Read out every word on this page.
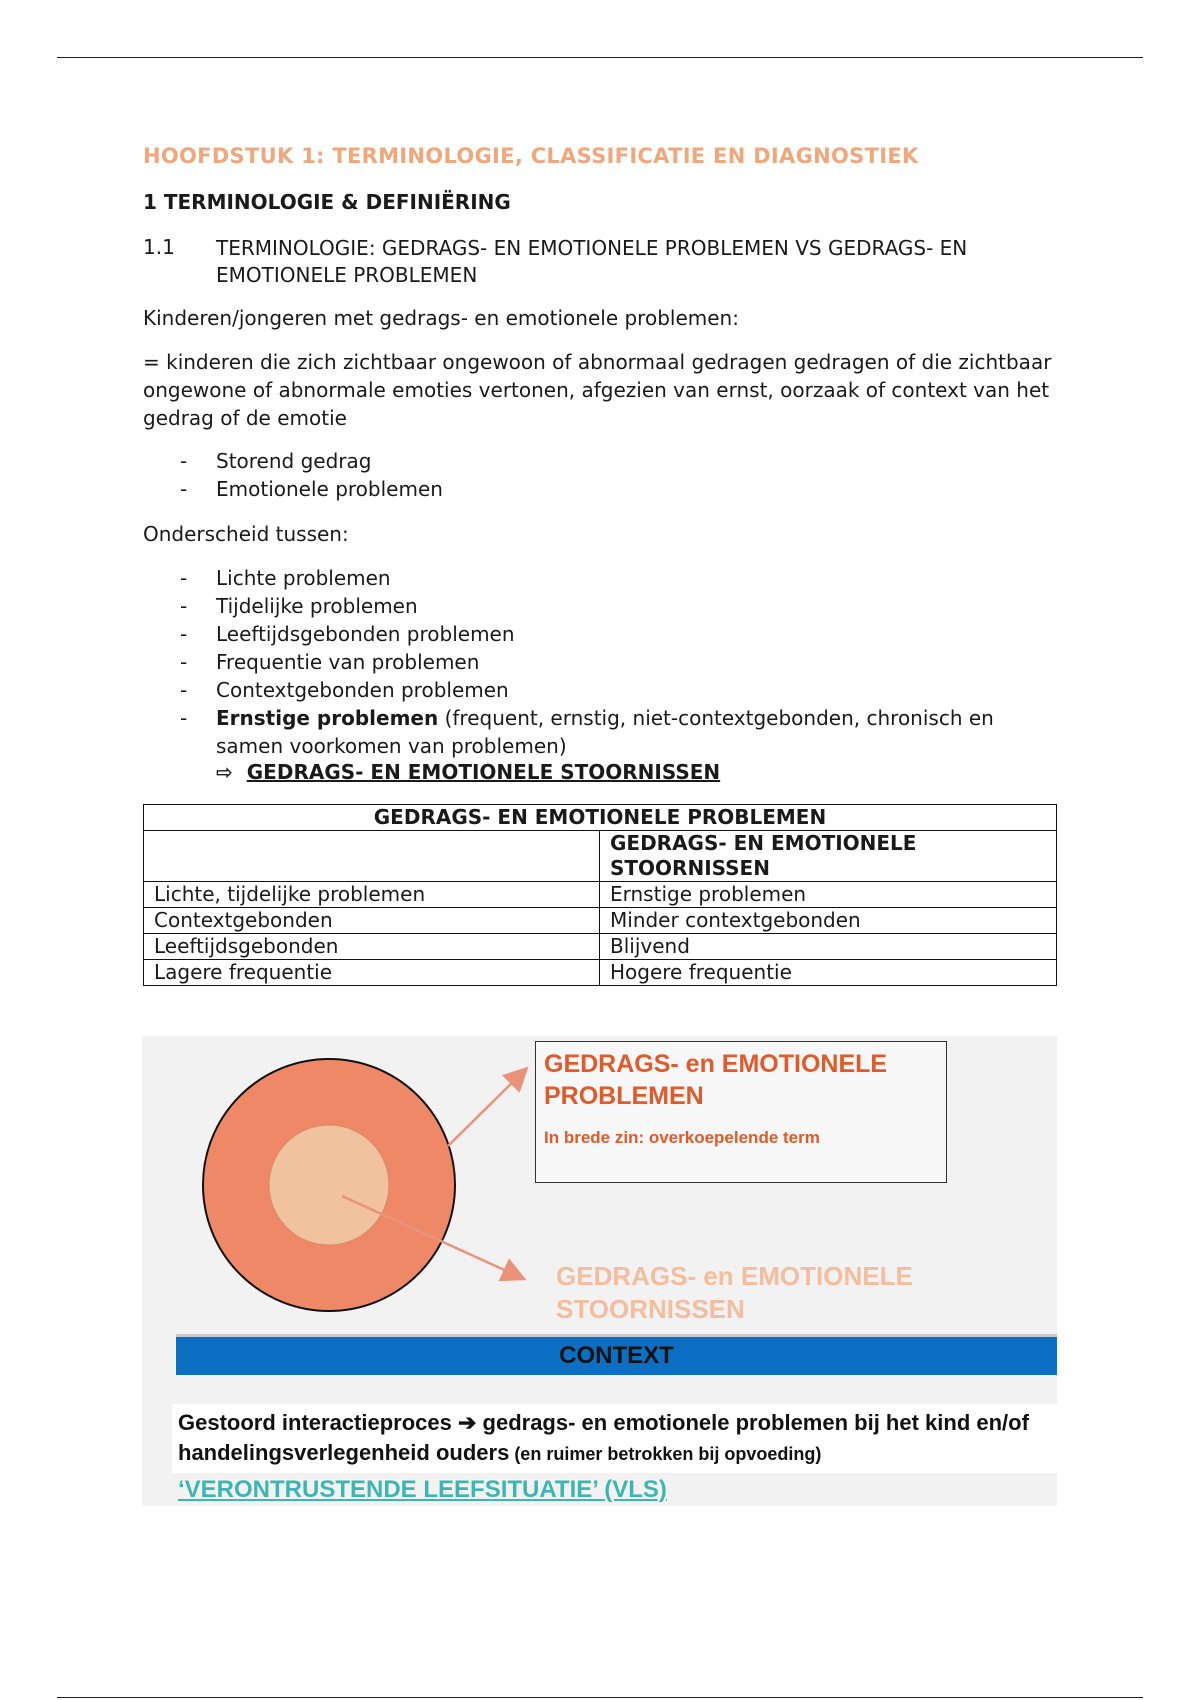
HOOFDSTUK 1: TERMINOLOGIE, CLASSIFICATIE EN DIAGNOSTIEK
1 TERMINOLOGIE & DEFINIËRING
1.1 TERMINOLOGIE: GEDRAGS- EN EMOTIONELE PROBLEMEN VS GEDRAGS- EN EMOTIONELE PROBLEMEN
Kinderen/jongeren met gedrags- en emotionele problemen:
= kinderen die zich zichtbaar ongewoon of abnormaal gedragen gedragen of die zichtbaar ongewone of abnormale emoties vertonen, afgezien van ernst, oorzaak of context van het gedrag of de emotie
- Storend gedrag
- Emotionele problemen
Onderscheid tussen:
- Lichte problemen
- Tijdelijke problemen
- Leeftijdsgebonden problemen
- Frequentie van problemen
- Contextgebonden problemen
- Ernstige problemen (frequent, ernstig, niet-contextgebonden, chronisch en samen voorkomen van problemen)
⇨ GEDRAGS- EN EMOTIONELE STOORNISSEN
GEDRAGS- EN EMOTIONELE PROBLEMEN	
	GEDRAGS- EN EMOTIONELE STOORNISSEN
Lichte, tijdelijke problemen	Ernstige problemen
Contextgebonden	Minder contextgebonden
Leeftijdsgebonden	Blijvend
Lagere frequentie	Hogere frequentie
GEDRAGS- en EMOTIONELE PROBLEMEN
In brede zin: overkoepelende term
GEDRAGS- en EMOTIONELE STOORNISSEN
CONTEXT
Gestoord interactieproces ➔ gedrags- en emotionele problemen bij het kind en/of handelingsverlegenheid ouders (en ruimer betrokken bij opvoeding)
‘VERONTRUSTENDE LEEFSITUATIE’ (VLS)
